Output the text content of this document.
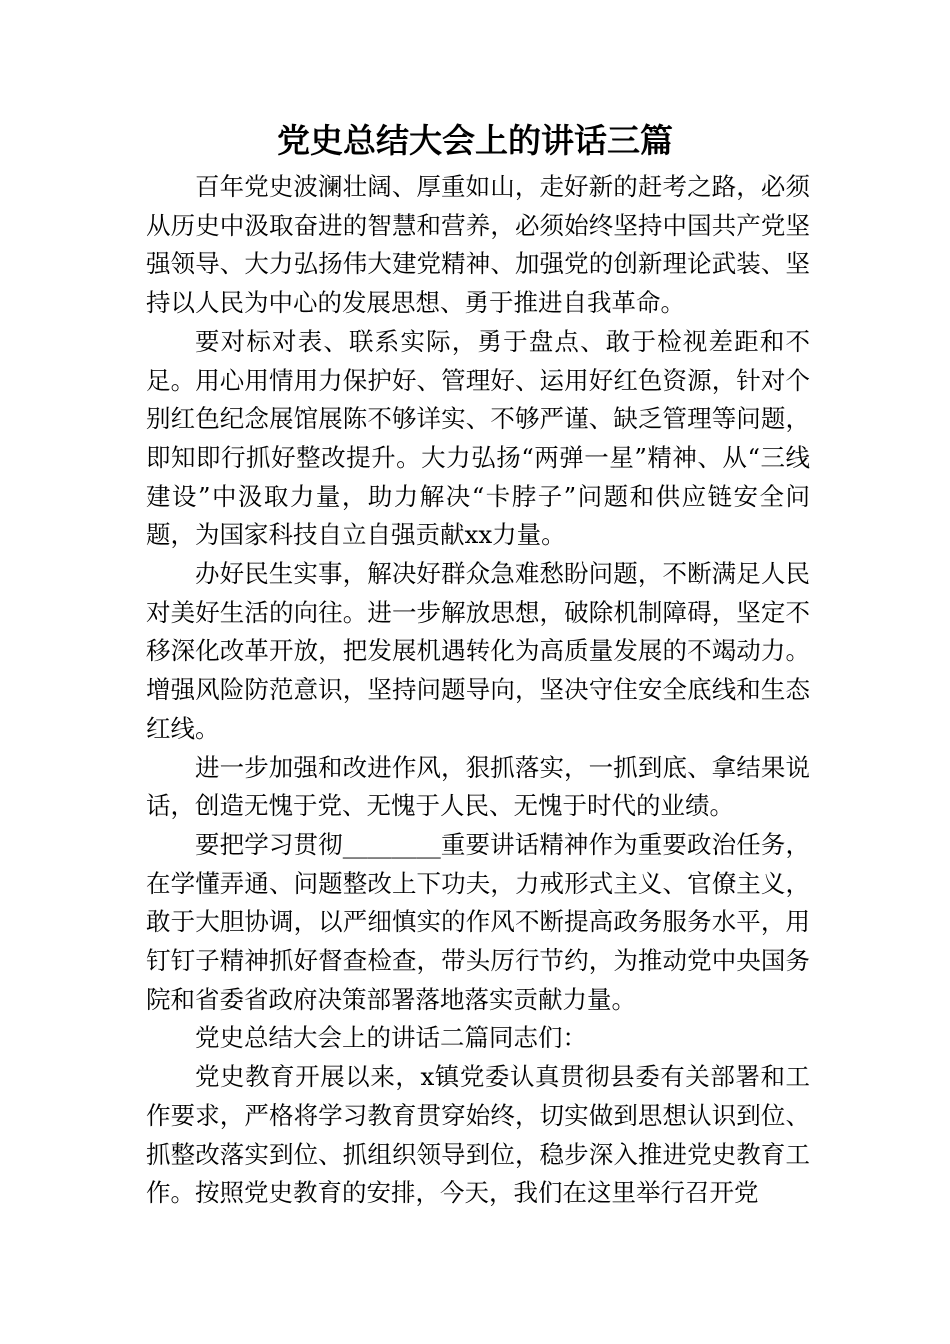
党史总结大会上的讲话三篇

百年党史波澜壮阔、厚重如山，走好新的赶考之路，必须从历史中汲取奋进的智慧和营养，必须始终坚持中国共产党坚强领导、大力弘扬伟大建党精神、加强党的创新理论武装、坚持以人民为中心的发展思想、勇于推进自我革命。

要对标对表、联系实际，勇于盘点、敢于检视差距和不足。用心用情用力保护好、管理好、运用好红色资源，针对个别红色纪念展馆展陈不够详实、不够严谨、缺乏管理等问题，即知即行抓好整改提升。大力弘扬“两弹一星”精神、从“三线建设”中汲取力量，助力解决“卡脖子”问题和供应链安全问题，为国家科技自立自强贡献xx力量。

办好民生实事，解决好群众急难愁盼问题，不断满足人民对美好生活的向往。进一步解放思想，破除机制障碍，坚定不移深化改革开放，把发展机遇转化为高质量发展的不竭动力。增强风险防范意识，坚持问题导向，坚决守住安全底线和生态红线。

进一步加强和改进作风，狠抓落实，一抓到底、拿结果说话，创造无愧于党、无愧于人民、无愧于时代的业绩。

要把学习贯彻________重要讲话精神作为重要政治任务，在学懂弄通、问题整改上下功夫，力戒形式主义、官僚主义，敢于大胆协调，以严细慎实的作风不断提高政务服务水平，用钉钉子精神抓好督查检查，带头厉行节约，为推动党中央国务院和省委省政府决策部署落地落实贡献力量。

党史总结大会上的讲话二篇同志们：

党史教育开展以来，x镇党委认真贯彻县委有关部署和工作要求，严格将学习教育贯穿始终，切实做到思想认识到位、抓整改落实到位、抓组织领导到位，稳步深入推进党史教育工作。按照党史教育的安排，今天，我们在这里举行召开党
